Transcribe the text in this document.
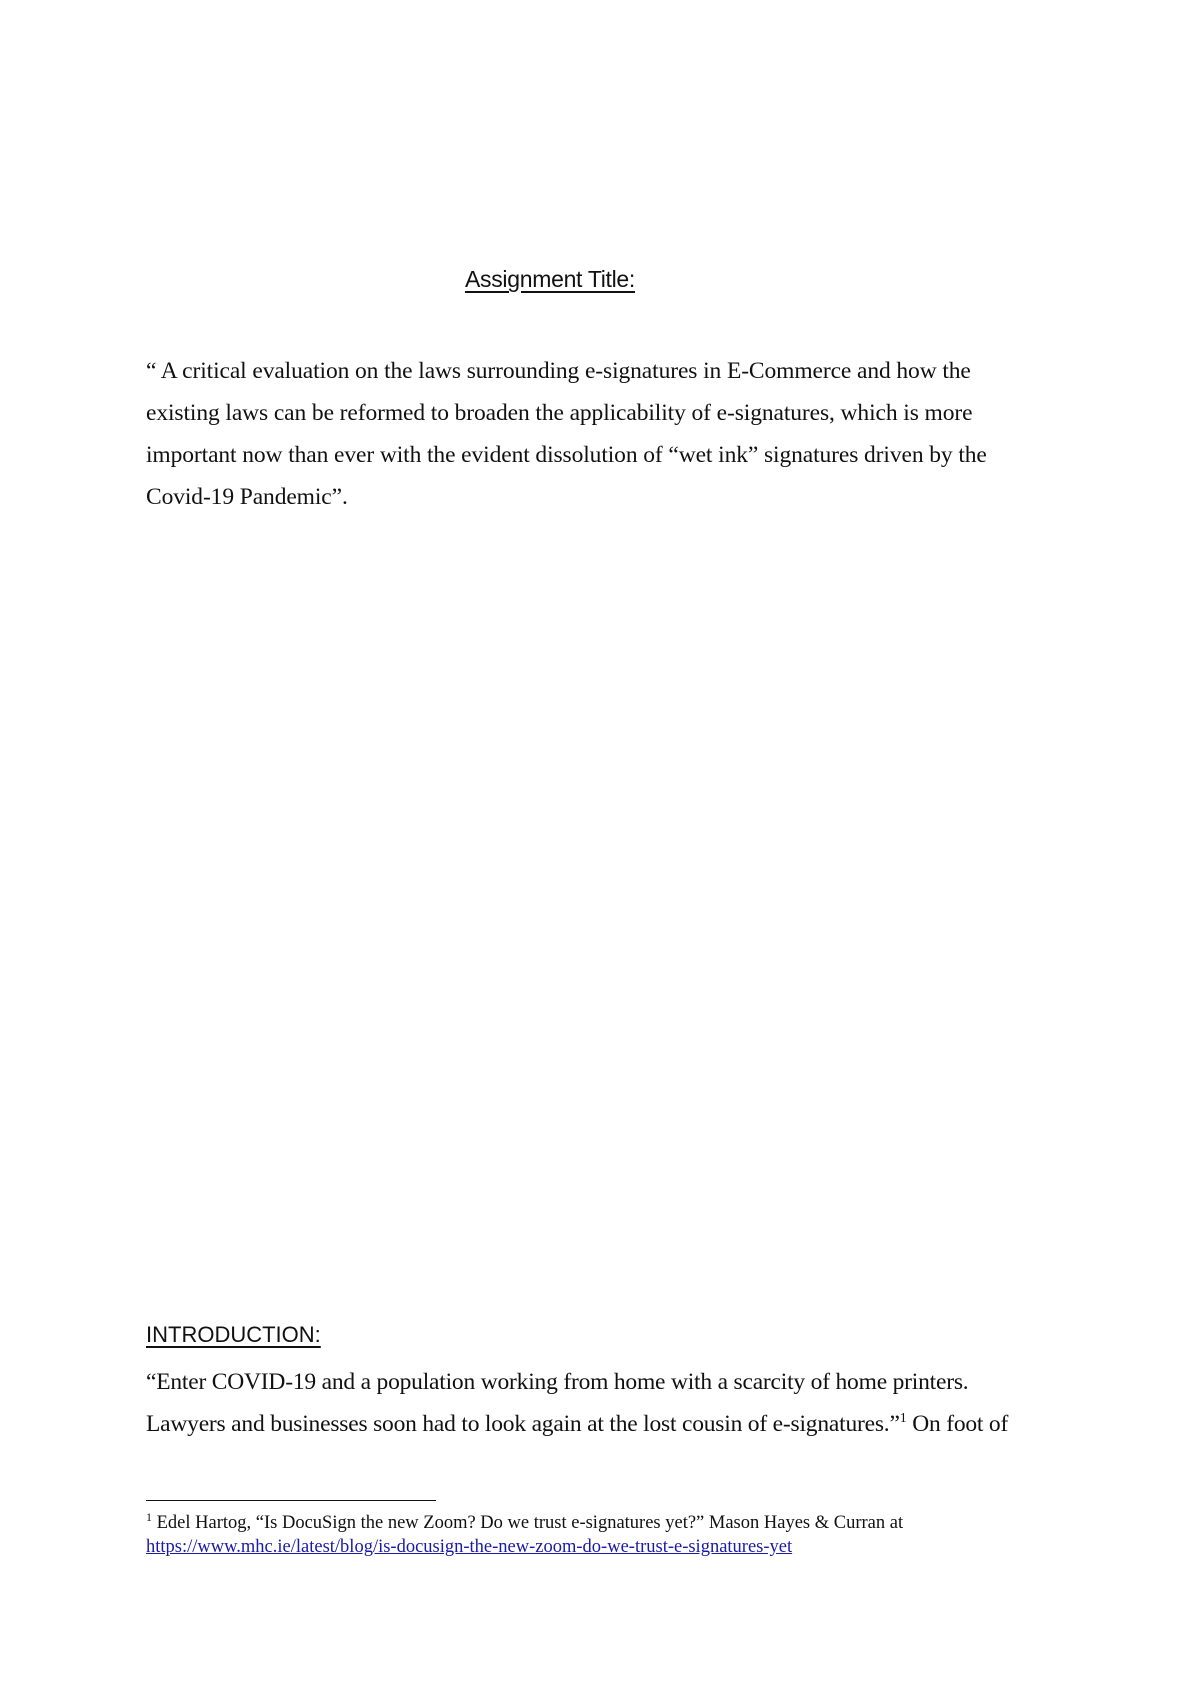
Assignment Title:

“ A critical evaluation on the laws surrounding e-signatures in E-Commerce and how the
existing laws can be reformed to broaden the applicability of e-signatures, which is more
important now than ever with the evident dissolution of “wet ink” signatures driven by the
Covid-19 Pandemic”.

INTRODUCTION:

“Enter COVID-19 and a population working from home with a scarcity of home printers.
Lawyers and businesses soon had to look again at the lost cousin of e-signatures.”$^1$ On foot of

$^1$ Edel Hartog, “Is DocuSign the new Zoom? Do we trust e-signatures yet?” Mason Hayes & Curran at
https://www.mhc.ie/latest/blog/is-docusign-the-new-zoom-do-we-trust-e-signatures-yet
